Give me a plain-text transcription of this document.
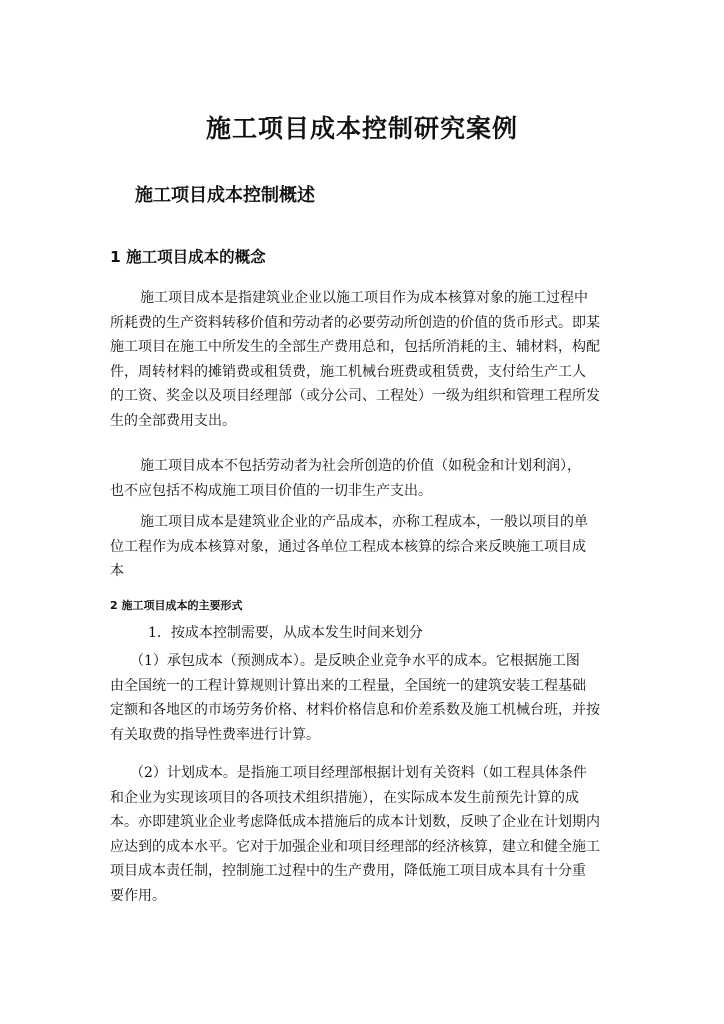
施工项目成本控制研究案例
施工项目成本控制概述
1 施工项目成本的概念
施工项目成本是指建筑业企业以施工项目作为成本核算对象的施工过程中
所耗费的生产资料转移价值和劳动者的必要劳动所创造的价值的货币形式。即某
施工项目在施工中所发生的全部生产费用总和，包括所消耗的主、辅材料，构配
件，周转材料的摊销费或租赁费，施工机械台班费或租赁费，支付给生产工人
的工资、奖金以及项目经理部（或分公司、工程处）一级为组织和管理工程所发
生的全部费用支出。
施工项目成本不包括劳动者为社会所创造的价值（如税金和计划利润），
也不应包括不构成施工项目价值的一切非生产支出。
施工项目成本是建筑业企业的产品成本，亦称工程成本，一般以项目的单
位工程作为成本核算对象，通过各单位工程成本核算的综合来反映施工项目成
本
2 施工项目成本的主要形式
1．按成本控制需要，从成本发生时间来划分
（1）承包成本（预测成本）。是反映企业竞争水平的成本。它根据施工图
由全国统一的工程计算规则计算出来的工程量，全国统一的建筑安装工程基础
定额和各地区的市场劳务价格、材料价格信息和价差系数及施工机械台班，并按
有关取费的指导性费率进行计算。
（2）计划成本。是指施工项目经理部根据计划有关资料（如工程具体条件
和企业为实现该项目的各项技术组织措施），在实际成本发生前预先计算的成
本。亦即建筑业企业考虑降低成本措施后的成本计划数，反映了企业在计划期内
应达到的成本水平。它对于加强企业和项目经理部的经济核算，建立和健全施工
项目成本责任制，控制施工过程中的生产费用，降低施工项目成本具有十分重
要作用。
